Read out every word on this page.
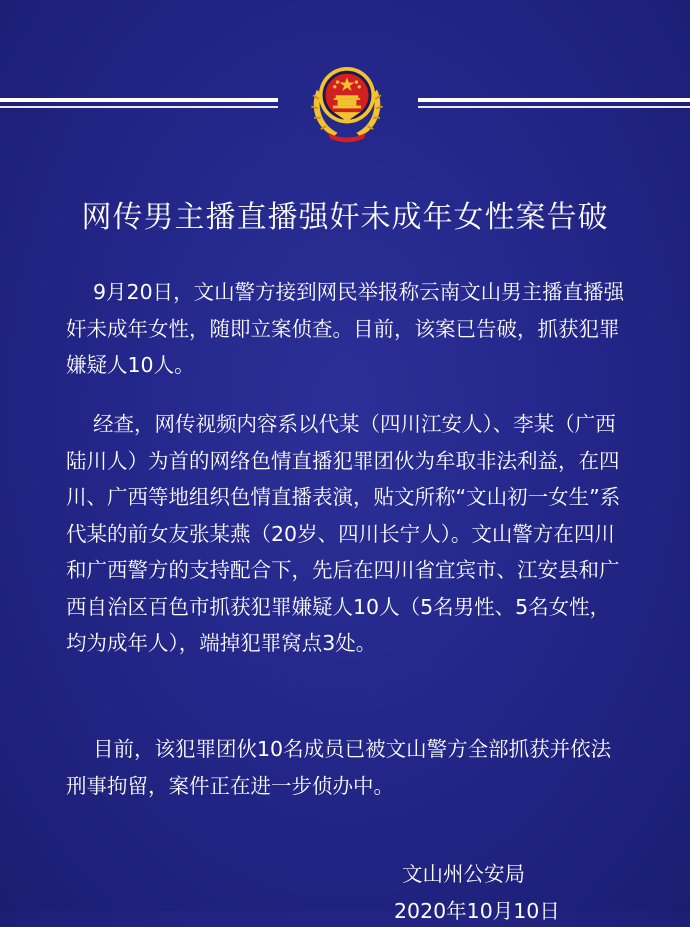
网传男主播直播强奸未成年女性案告破

　 9月20日，文山警方接到网民举报称云南文山男主播直播强奸未成年女性，随即立案侦查。目前，该案已告破，抓获犯罪嫌疑人10人。

　 经查，网传视频内容系以代某（四川江安人）、李某（广西陆川人）为首的网络色情直播犯罪团伙为牟取非法利益，在四川、广西等地组织色情直播表演，贴文所称“文山初一女生”系代某的前女友张某燕（20岁、四川长宁人）。文山警方在四川和广西警方的支持配合下，先后在四川省宜宾市、江安县和广西自治区百色市抓获犯罪嫌疑人10人（5名男性、5名女性，均为成年人），端掉犯罪窝点3处。

　 目前，该犯罪团伙10名成员已被文山警方全部抓获并依法刑事拘留，案件正在进一步侦办中。

文山州公安局
2020年10月10日
